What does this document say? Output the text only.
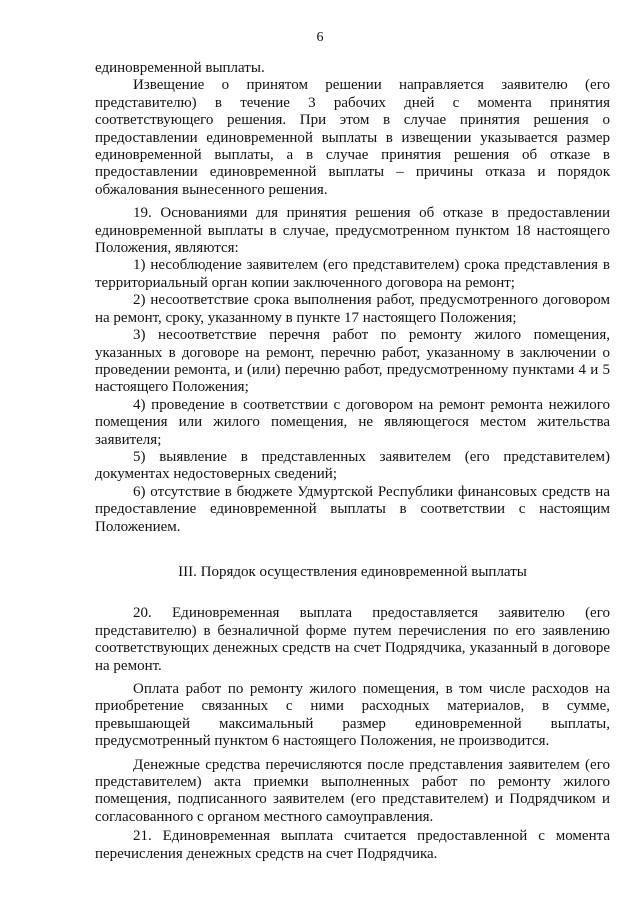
6

единовременной выплаты.

Извещение о принятом решении направляется заявителю (его представителю) в течение 3 рабочих дней с момента принятия соответствующего решения. При этом в случае принятия решения о предоставлении единовременной выплаты в извещении указывается размер единовременной выплаты, а в случае принятия решения об отказе в предоставлении единовременной выплаты – причины отказа и порядок обжалования вынесенного решения.

19. Основаниями для принятия решения об отказе в предоставлении единовременной выплаты в случае, предусмотренном пунктом 18 настоящего Положения, являются:

1) несоблюдение заявителем (его представителем) срока представления в территориальный орган копии заключенного договора на ремонт;

2) несоответствие срока выполнения работ, предусмотренного договором на ремонт, сроку, указанному в пункте 17 настоящего Положения;

3) несоответствие перечня работ по ремонту жилого помещения, указанных в договоре на ремонт, перечню работ, указанному в заключении о проведении ремонта, и (или) перечню работ, предусмотренному пунктами 4 и 5 настоящего Положения;

4) проведение в соответствии с договором на ремонт ремонта нежилого помещения или жилого помещения, не являющегося местом жительства заявителя;

5) выявление в представленных заявителем (его представителем) документах недостоверных сведений;

6) отсутствие в бюджете Удмуртской Республики финансовых средств на предоставление единовременной выплаты в соответствии с настоящим Положением.

III. Порядок осуществления единовременной выплаты

20. Единовременная выплата предоставляется заявителю (его представителю) в безналичной форме путем перечисления по его заявлению соответствующих денежных средств на счет Подрядчика, указанный в договоре на ремонт.

Оплата работ по ремонту жилого помещения, в том числе расходов на приобретение связанных с ними расходных материалов, в сумме, превышающей максимальный размер единовременной выплаты, предусмотренный пунктом 6 настоящего Положения, не производится.

Денежные средства перечисляются после представления заявителем (его представителем) акта приемки выполненных работ по ремонту жилого помещения, подписанного заявителем (его представителем) и Подрядчиком и согласованного с органом местного самоуправления.

21. Единовременная выплата считается предоставленной с момента перечисления денежных средств на счет Подрядчика.
